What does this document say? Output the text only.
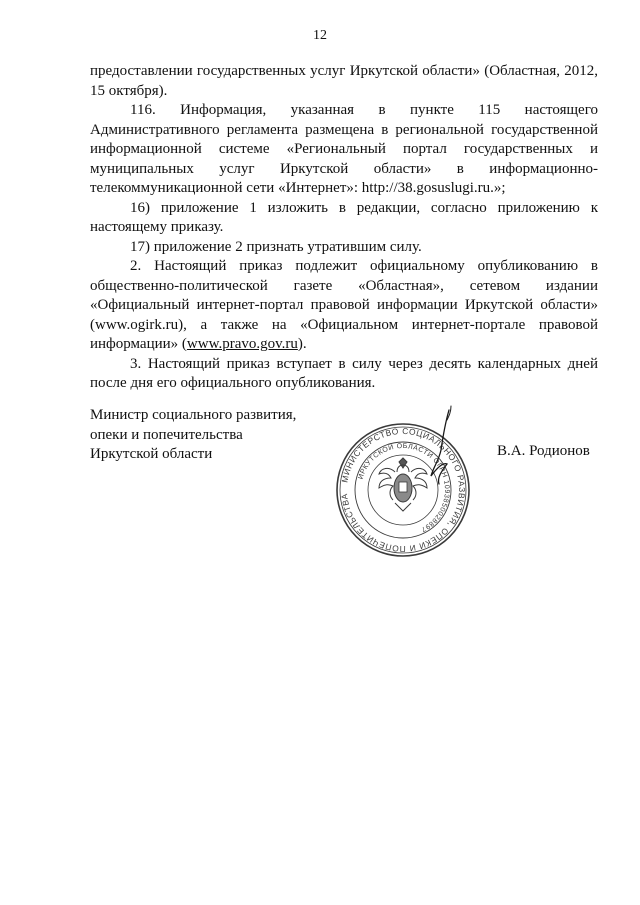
12

предоставлении государственных услуг Иркутской области» (Областная, 2012, 15 октября).

116. Информация, указанная в пункте 115 настоящего Административного регламента размещена в региональной государственной информационной системе «Региональный портал государственных и муниципальных услуг Иркутской области» в информационно-телекоммуникационной сети «Интернет»: http://38.gosuslugi.ru.»;

16) приложение 1 изложить в редакции, согласно приложению к настоящему приказу.

17) приложение 2 признать утратившим силу.

2. Настоящий приказ подлежит официальному опубликованию в общественно-политической газете «Областная», сетевом издании «Официальный интернет-портал правовой информации Иркутской области» (www.ogirk.ru), а также на «Официальном интернет-портале правовой информации» (www.pravo.gov.ru).

3. Настоящий приказ вступает в силу через десять календарных дней после дня его официального опубликования.

Министр социального развития,
опеки и попечительства
Иркутской области	В.А. Родионов
МИНИСТЕРСТВО СОЦИАЛЬНОГО РАЗВИТИЯ, ОПЕКИ И ПОПЕЧИТЕЛЬСТВА
ИРКУТСКОЙ ОБЛАСТИ ОГРН 1093850028897
